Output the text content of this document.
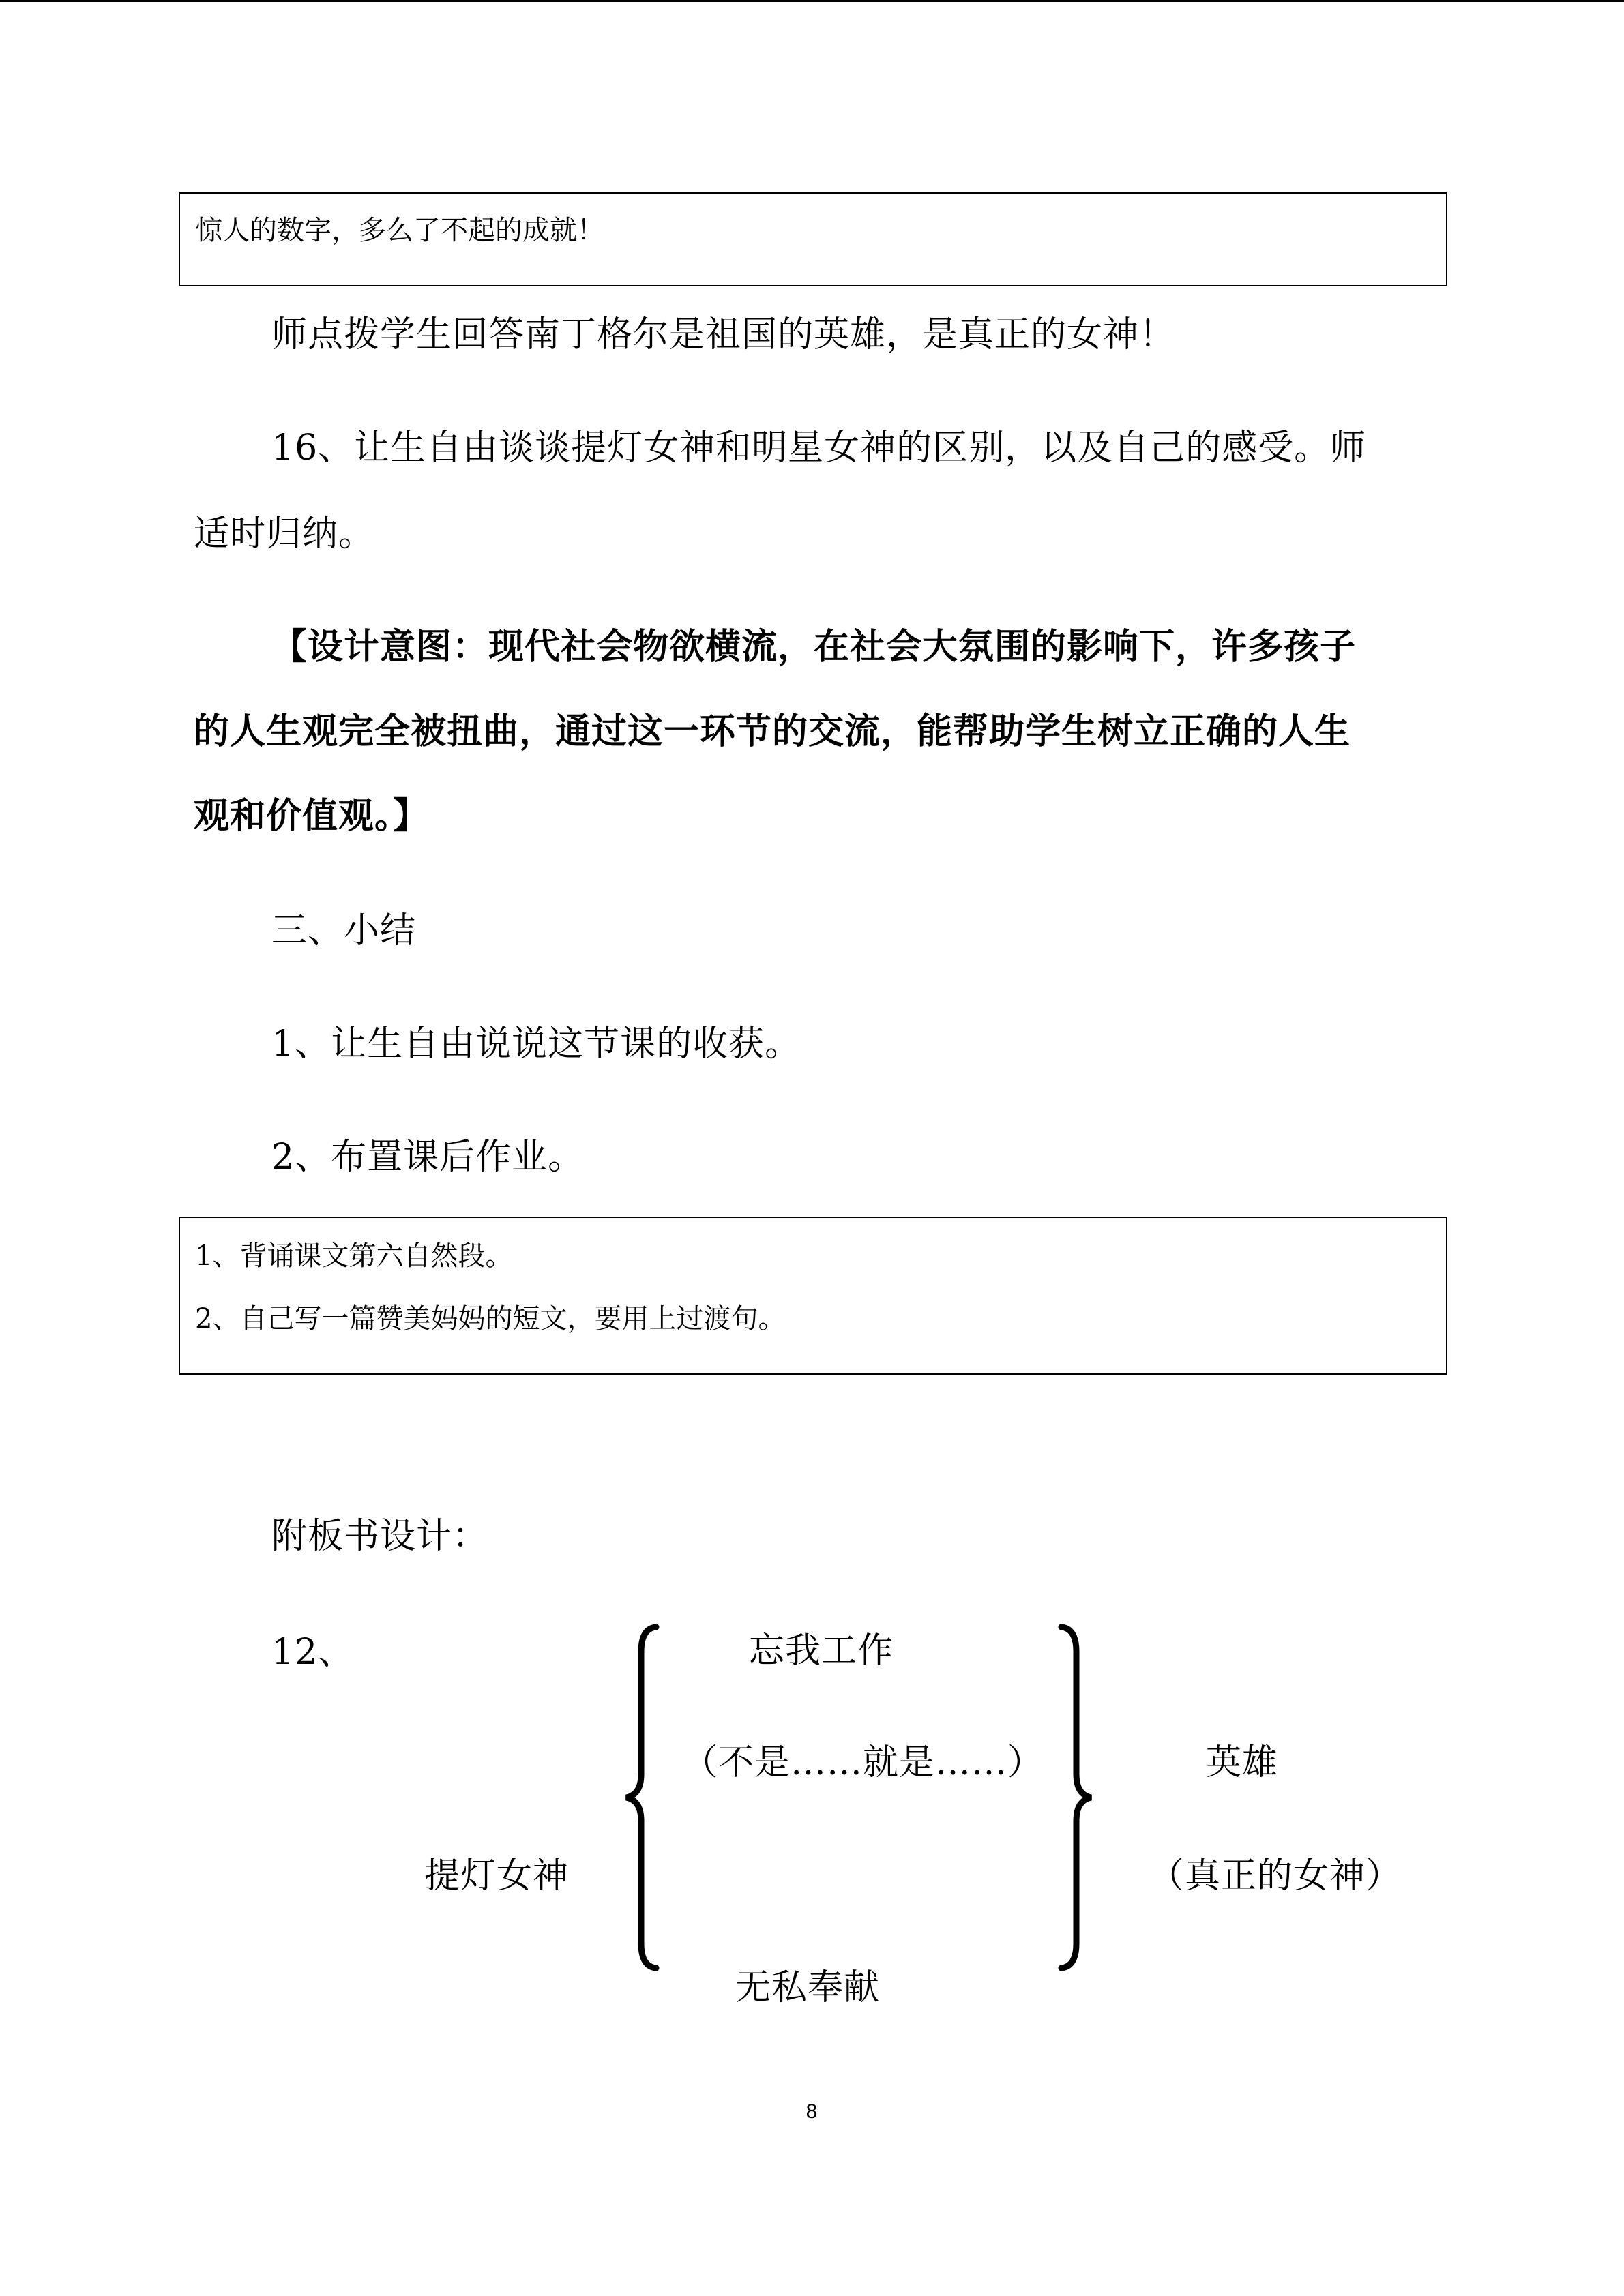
惊人的数字，多么了不起的成就！
师点拨学生回答南丁格尔是祖国的英雄，是真正的女神！
16、让生自由谈谈提灯女神和明星女神的区别，以及自己的感受。师
适时归纳。
【设计意图：现代社会物欲横流，在社会大氛围的影响下，许多孩子
的人生观完全被扭曲，通过这一环节的交流，能帮助学生树立正确的人生
观和价值观。】
三、小结
1、让生自由说说这节课的收获。
2、布置课后作业。
1、背诵课文第六自然段。
2、自己写一篇赞美妈妈的短文，要用上过渡句。
附板书设计：
12、
提灯女神
忘我工作
（不是……就是……）
无私奉献
英雄
（真正的女神）
8
